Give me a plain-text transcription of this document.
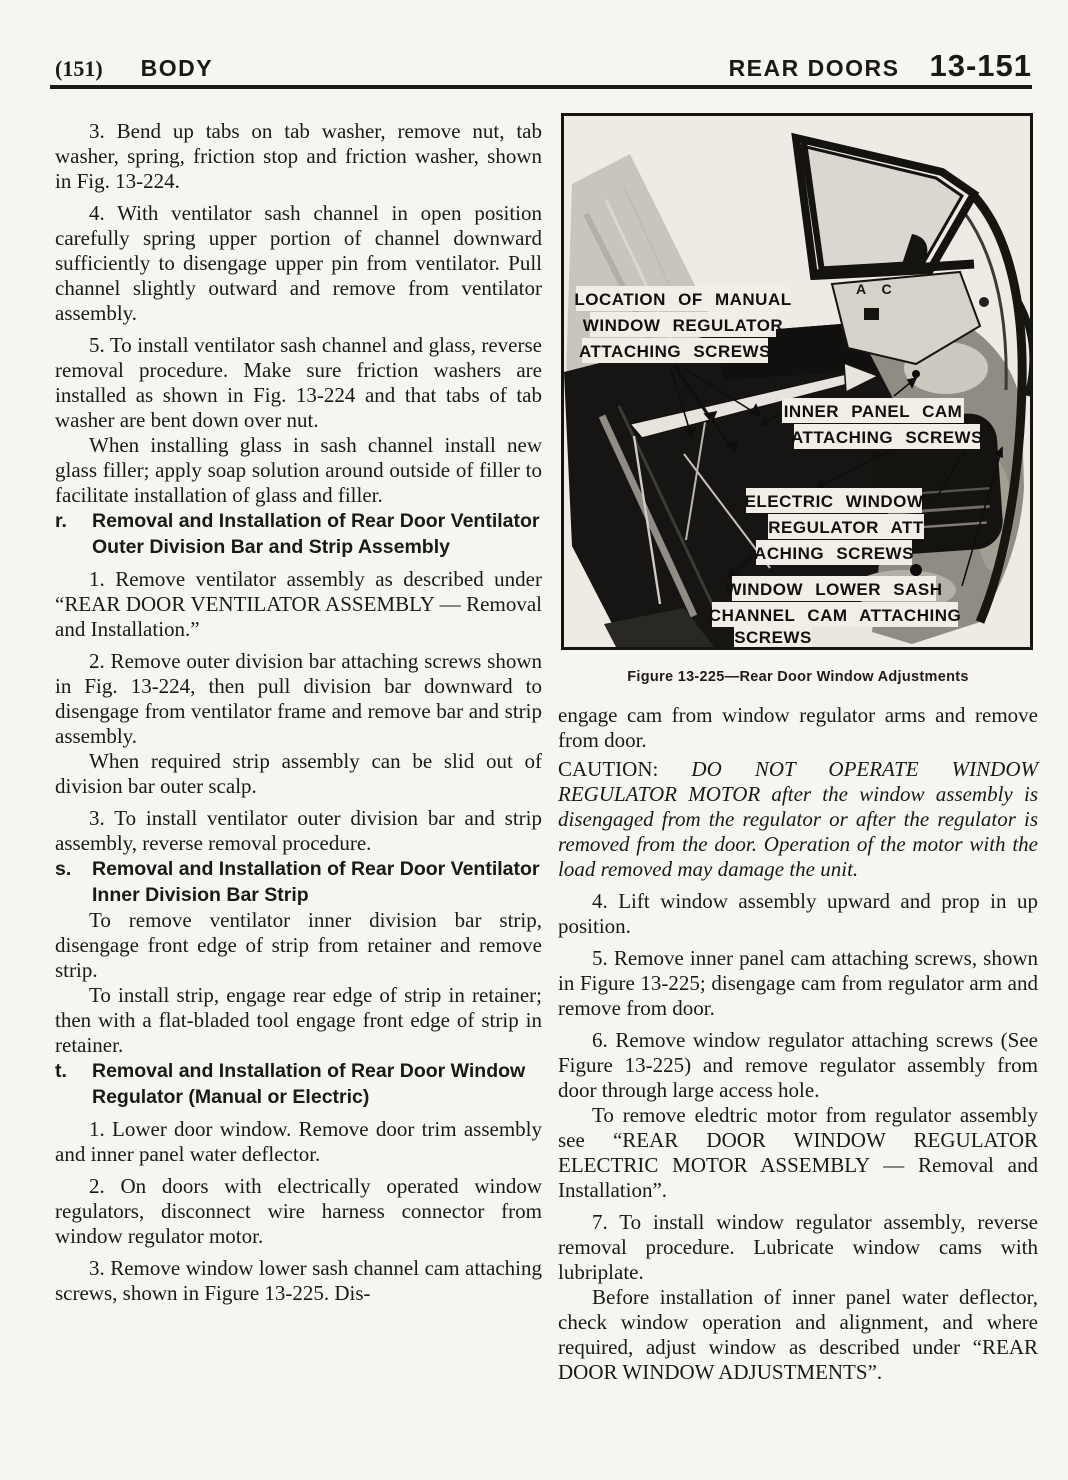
(151) BODY	REAR DOORS 13-151

3. Bend up tabs on tab washer, remove nut, tab washer, spring, friction stop and friction washer, shown in Fig. 13-224.

4. With ventilator sash channel in open position carefully spring upper portion of channel downward sufficiently to disengage upper pin from ventilator. Pull channel slightly outward and remove from ventilator assembly.

5. To install ventilator sash channel and glass, reverse removal procedure. Make sure friction washers are installed as shown in Fig. 13-224 and that tabs of tab washer are bent down over nut.

When installing glass in sash channel install new glass filler; apply soap solution around outside of filler to facilitate installation of glass and filler.

r. Removal and Installation of Rear Door Ventilator Outer Division Bar and Strip Assembly

1. Remove ventilator assembly as described under “REAR DOOR VENTILATOR ASSEMBLY — Removal and Installation.”

2. Remove outer division bar attaching screws shown in Fig. 13-224, then pull division bar downward to disengage from ventilator frame and remove bar and strip assembly.

When required strip assembly can be slid out of division bar outer scalp.

3. To install ventilator outer division bar and strip assembly, reverse removal procedure.

s. Removal and Installation of Rear Door Ventilator Inner Division Bar Strip

To remove ventilator inner division bar strip, disengage front edge of strip from retainer and remove strip.

To install strip, engage rear edge of strip in retainer; then with a flat-bladed tool engage front edge of strip in retainer.

t. Removal and Installation of Rear Door Window Regulator (Manual or Electric)

1. Lower door window. Remove door trim assembly and inner panel water deflector.

2. On doors with electrically operated window regulators, disconnect wire harness connector from window regulator motor.

3. Remove window lower sash channel cam attaching screws, shown in Figure 13-225. Dis-

A C
LOCATION OF MANUAL
WINDOW REGULATOR
ATTACHING SCREWS
INNER PANEL CAM
ATTACHING SCREWS
ELECTRIC WINDOW
REGULATOR ATT
ACHING SCREWS
WINDOW LOWER SASH
CHANNEL CAM ATTACHING
SCREWS
Figure 13-225—Rear Door Window Adjustments

engage cam from window regulator arms and remove from door.

CAUTION: DO NOT OPERATE WINDOW REGULATOR MOTOR after the window assembly is disengaged from the regulator or after the regulator is removed from the door. Operation of the motor with the load removed may damage the unit.

4. Lift window assembly upward and prop in up position.

5. Remove inner panel cam attaching screws, shown in Figure 13-225; disengage cam from regulator arm and remove from door.

6. Remove window regulator attaching screws (See Figure 13-225) and remove regulator assembly from door through large access hole.

To remove eledtric motor from regulator assembly see “REAR DOOR WINDOW REGULATOR ELECTRIC MOTOR ASSEMBLY — Removal and Installation”.

7. To install window regulator assembly, reverse removal procedure. Lubricate window cams with lubriplate.

Before installation of inner panel water deflector, check window operation and alignment, and where required, adjust window as described under “REAR DOOR WINDOW ADJUSTMENTS”.
